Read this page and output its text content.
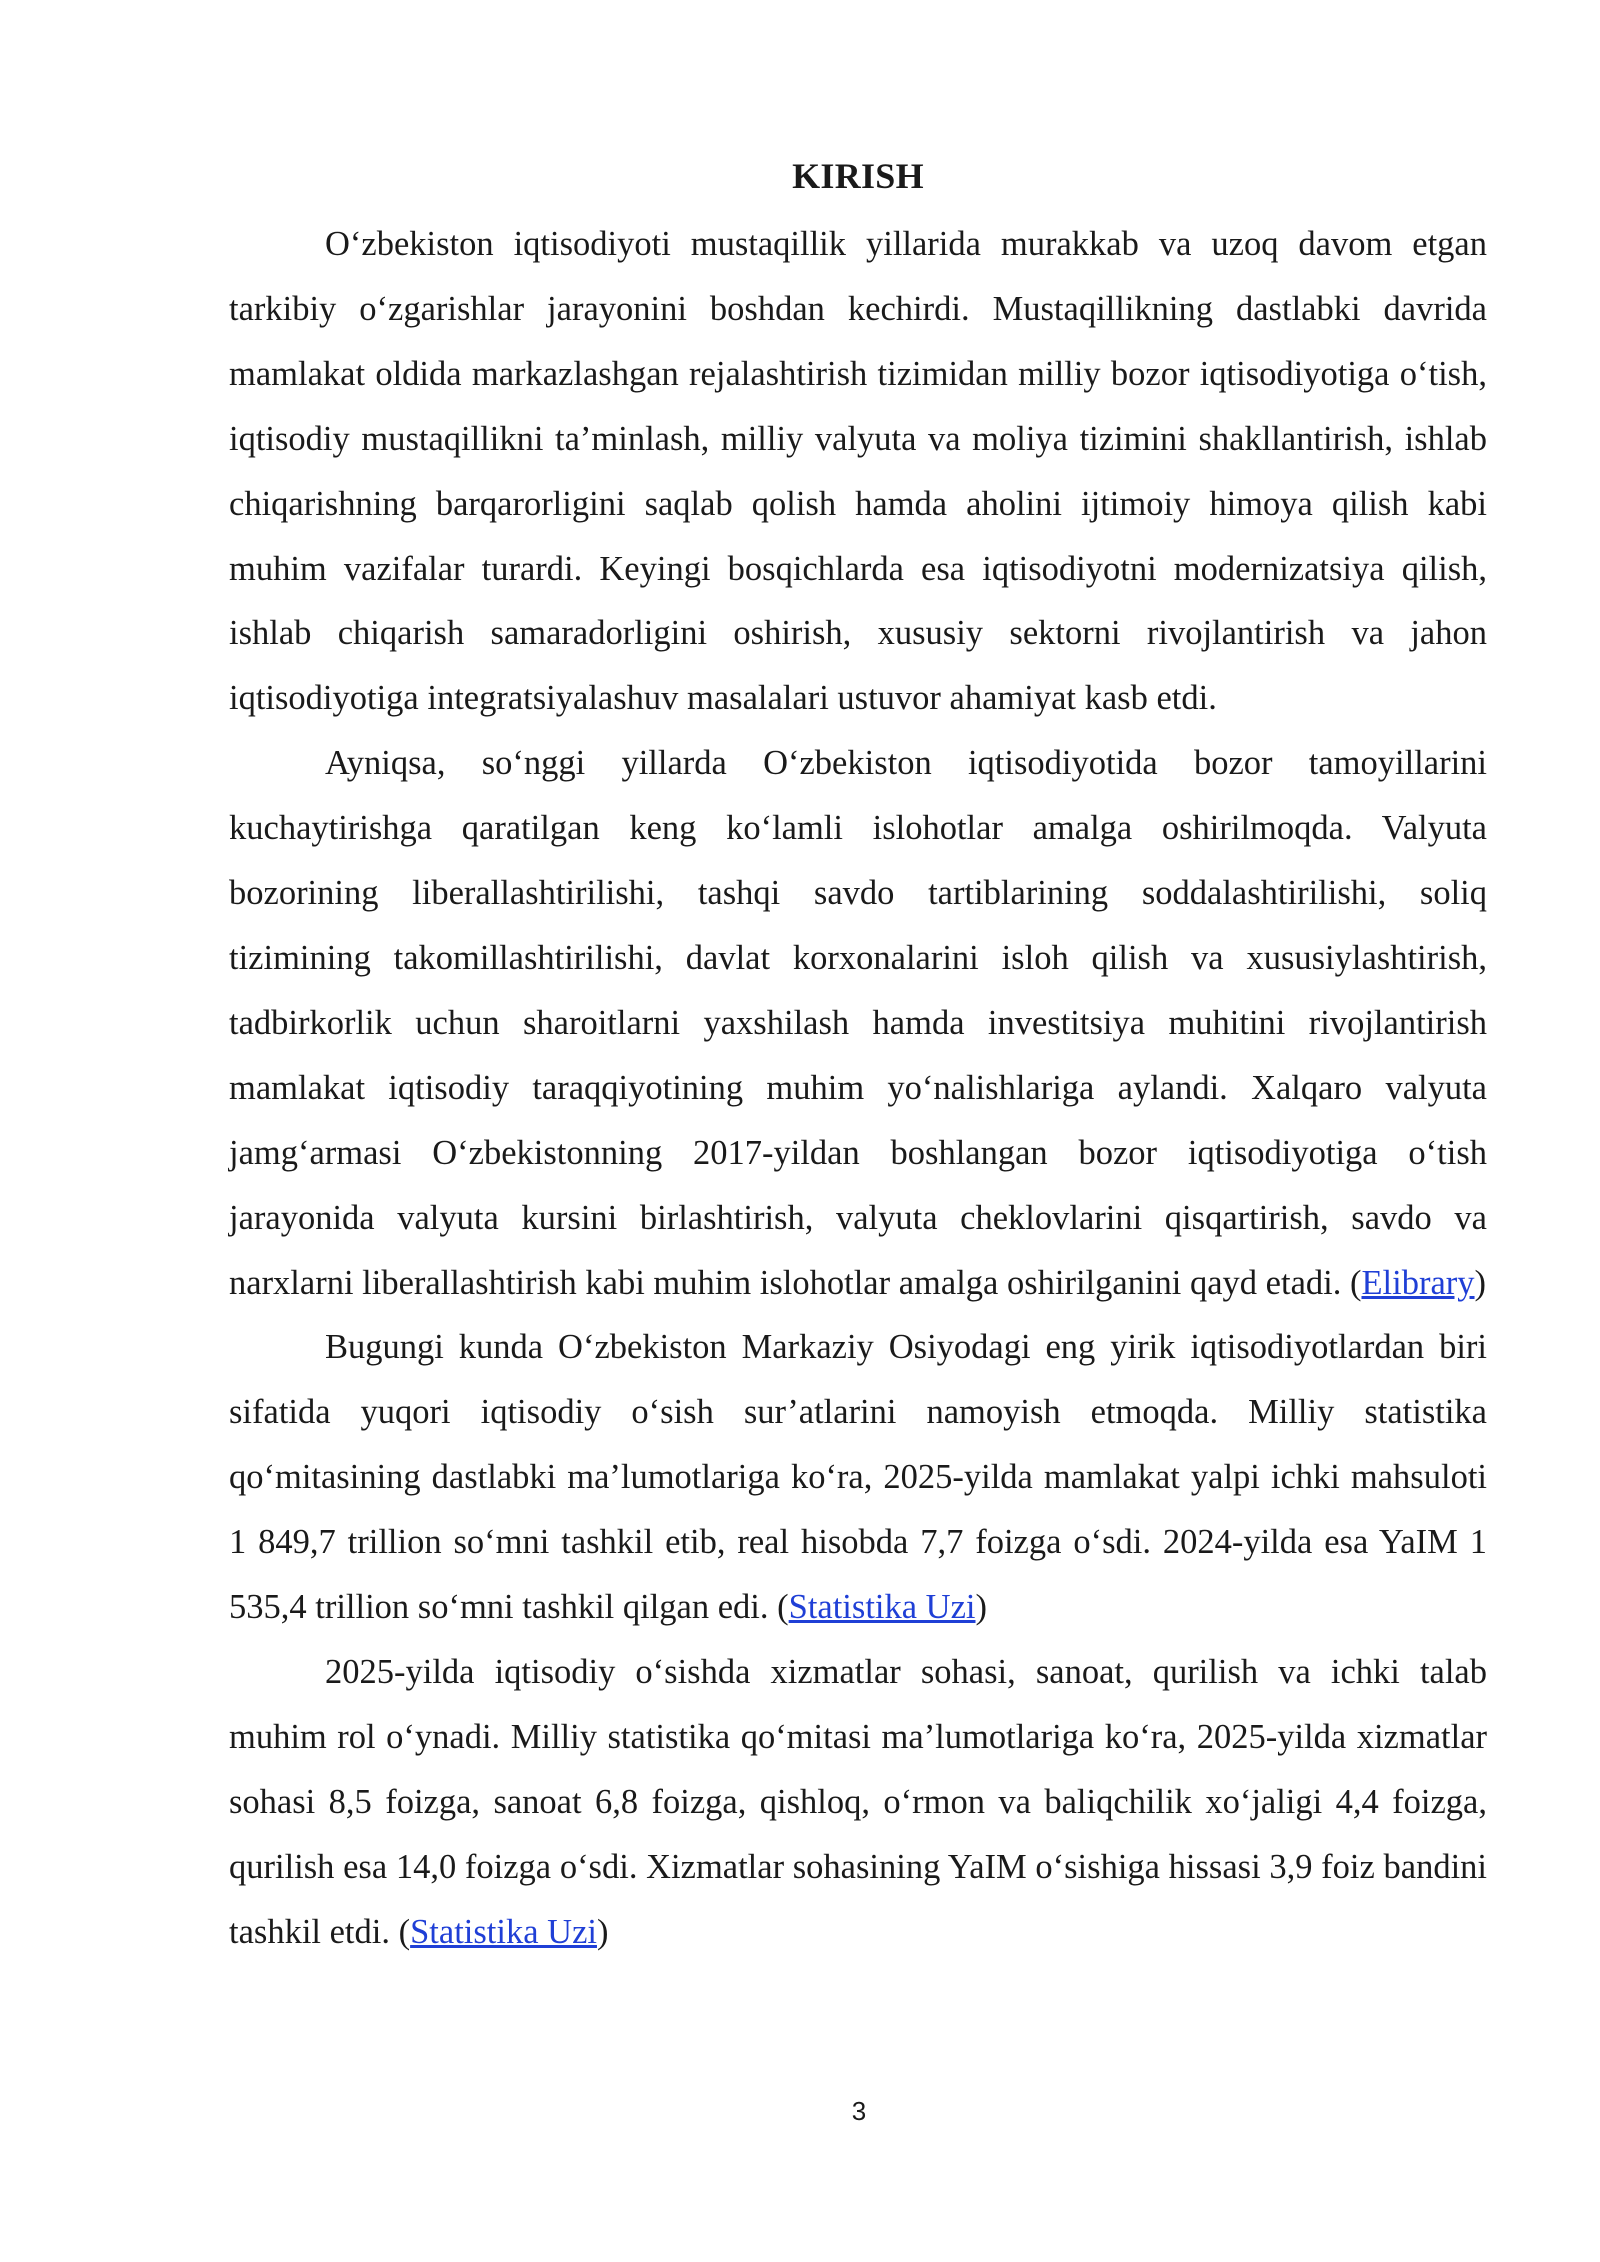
KIRISH

O‘zbekiston iqtisodiyoti mustaqillik yillarida murakkab va uzoq davom etgan tarkibiy o‘zgarishlar jarayonini boshdan kechirdi. Mustaqillikning dastlabki davrida mamlakat oldida markazlashgan rejalashtirish tizimidan milliy bozor iqtisodiyotiga o‘tish, iqtisodiy mustaqillikni ta’minlash, milliy valyuta va moliya tizimini shakllantirish, ishlab chiqarishning barqarorligini saqlab qolish hamda aholini ijtimoiy himoya qilish kabi muhim vazifalar turardi. Keyingi bosqichlarda esa iqtisodiyotni modernizatsiya qilish, ishlab chiqarish samaradorligini oshirish, xususiy sektorni rivojlantirish va jahon iqtisodiyotiga integratsiyalashuv masalalari ustuvor ahamiyat kasb etdi.

Ayniqsa, so‘nggi yillarda O‘zbekiston iqtisodiyotida bozor tamoyillarini kuchaytirishga qaratilgan keng ko‘lamli islohotlar amalga oshirilmoqda. Valyuta bozorining liberallashtirilishi, tashqi savdo tartiblarining soddalashtirilishi, soliq tizimining takomillashtirilishi, davlat korxonalarini isloh qilish va xususiylashtirish, tadbirkorlik uchun sharoitlarni yaxshilash hamda investitsiya muhitini rivojlantirish mamlakat iqtisodiy taraqqiyotining muhim yo‘nalishlariga aylandi. Xalqaro valyuta jamg‘armasi O‘zbekistonning 2017-yildan boshlangan bozor iqtisodiyotiga o‘tish jarayonida valyuta kursini birlashtirish, valyuta cheklovlarini qisqartirish, savdo va narxlarni liberallashtirish kabi muhim islohotlar amalga oshirilganini qayd etadi. (Elibrary)

Bugungi kunda O‘zbekiston Markaziy Osiyodagi eng yirik iqtisodiyotlardan biri sifatida yuqori iqtisodiy o‘sish sur’atlarini namoyish etmoqda. Milliy statistika qo‘mitasining dastlabki ma’lumotlariga ko‘ra, 2025-yilda mamlakat yalpi ichki mahsuloti 1 849,7 trillion so‘mni tashkil etib, real hisobda 7,7 foizga o‘sdi. 2024-yilda esa YaIM 1 535,4 trillion so‘mni tashkil qilgan edi. (Statistika Uzi)

2025-yilda iqtisodiy o‘sishda xizmatlar sohasi, sanoat, qurilish va ichki talab muhim rol o‘ynadi. Milliy statistika qo‘mitasi ma’lumotlariga ko‘ra, 2025-yilda xizmatlar sohasi 8,5 foizga, sanoat 6,8 foizga, qishloq, o‘rmon va baliqchilik xo‘jaligi 4,4 foizga, qurilish esa 14,0 foizga o‘sdi. Xizmatlar sohasining YaIM o‘sishiga hissasi 3,9 foiz bandini tashkil etdi. (Statistika Uzi)

3
